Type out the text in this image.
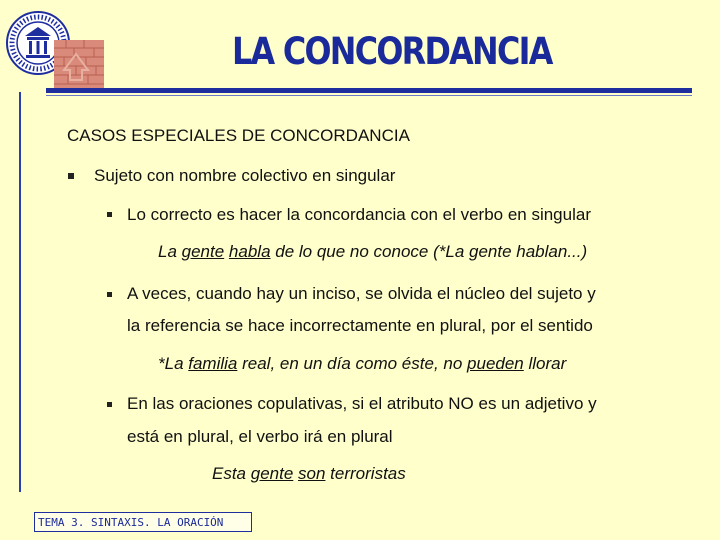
LA CONCORDANCIA
CASOS ESPECIALES DE CONCORDANCIA
Sujeto con nombre colectivo en singular
Lo correcto es hacer la concordancia con el verbo en singular
La gente habla de lo que no conoce (*La gente hablan...)
A veces, cuando hay un inciso, se olvida el núcleo del sujeto y
la referencia se hace incorrectamente en plural, por el sentido
*La familia real, en un día como éste, no pueden llorar
En las oraciones copulativas, si el atributo NO es un adjetivo y
está en plural, el verbo irá en plural
Esta gente son terroristas
TEMA 3. SINTAXIS. LA ORACIÓN
